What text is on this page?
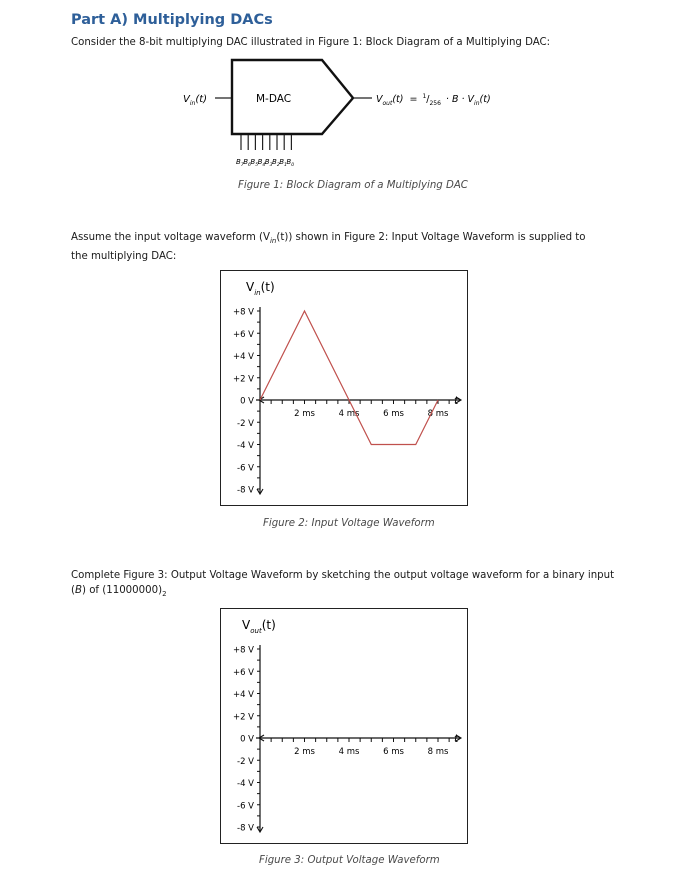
Part A) Multiplying DACs
Consider the 8-bit multiplying DAC illustrated in Figure 1: Block Diagram of a Multiplying DAC:
$V_{in}(t)$	M-DAC	$V_{out}(t) = ^1/_{256} \cdot B \cdot V_{in}(t)$
$B_7$ $B_6$ $B_5$ $B_4$ $B_3$ $B_2$ $B_1$ $B_0$
Figure 1: Block Diagram of a Multiplying DAC
Assume the input voltage waveform $(V_{in}(t))$ shown in Figure 2: Input Voltage Waveform is supplied to the multiplying DAC:
+8 V
+6 V
+4 V
+2 V
0 V
-2 V
-4 V
-6 V
-8 V
2 ms	4 ms	6 ms	8 ms
$V_{in}(t)$
t
Figure 2: Input Voltage Waveform
Complete Figure 3: Output Voltage Waveform by sketching the output voltage waveform for a binary input (B) of $(11000000)_2$
+8 V
+6 V
+4 V
+2 V
0 V
-2 V
-4 V
-6 V
-8 V
2 ms	4 ms	6 ms	8 ms
$V_{out}(t)$
t
Figure 3: Output Voltage Waveform
